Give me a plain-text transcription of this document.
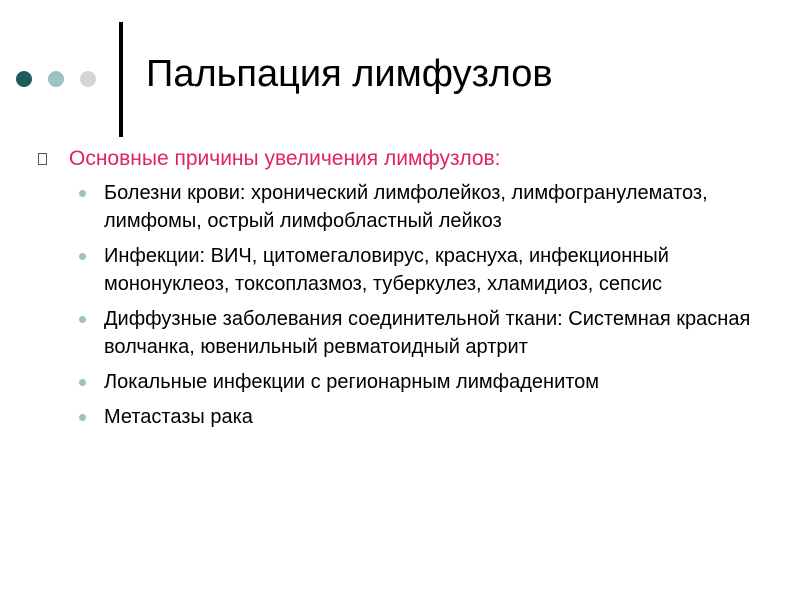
Пальпация лимфузлов
Основные причины увеличения лимфузлов:
Болезни крови: хронический лимфолейкоз, лимфогранулематоз, лимфомы, острый лимфобластный лейкоз
Инфекции: ВИЧ, цитомегаловирус, краснуха, инфекционный мононуклеоз, токсоплазмоз, туберкулез, хламидиоз, сепсис
Диффузные заболевания соединительной ткани: Системная красная волчанка, ювенильный ревматоидный артрит
Локальные инфекции с регионарным лимфаденитом
Метастазы рака
